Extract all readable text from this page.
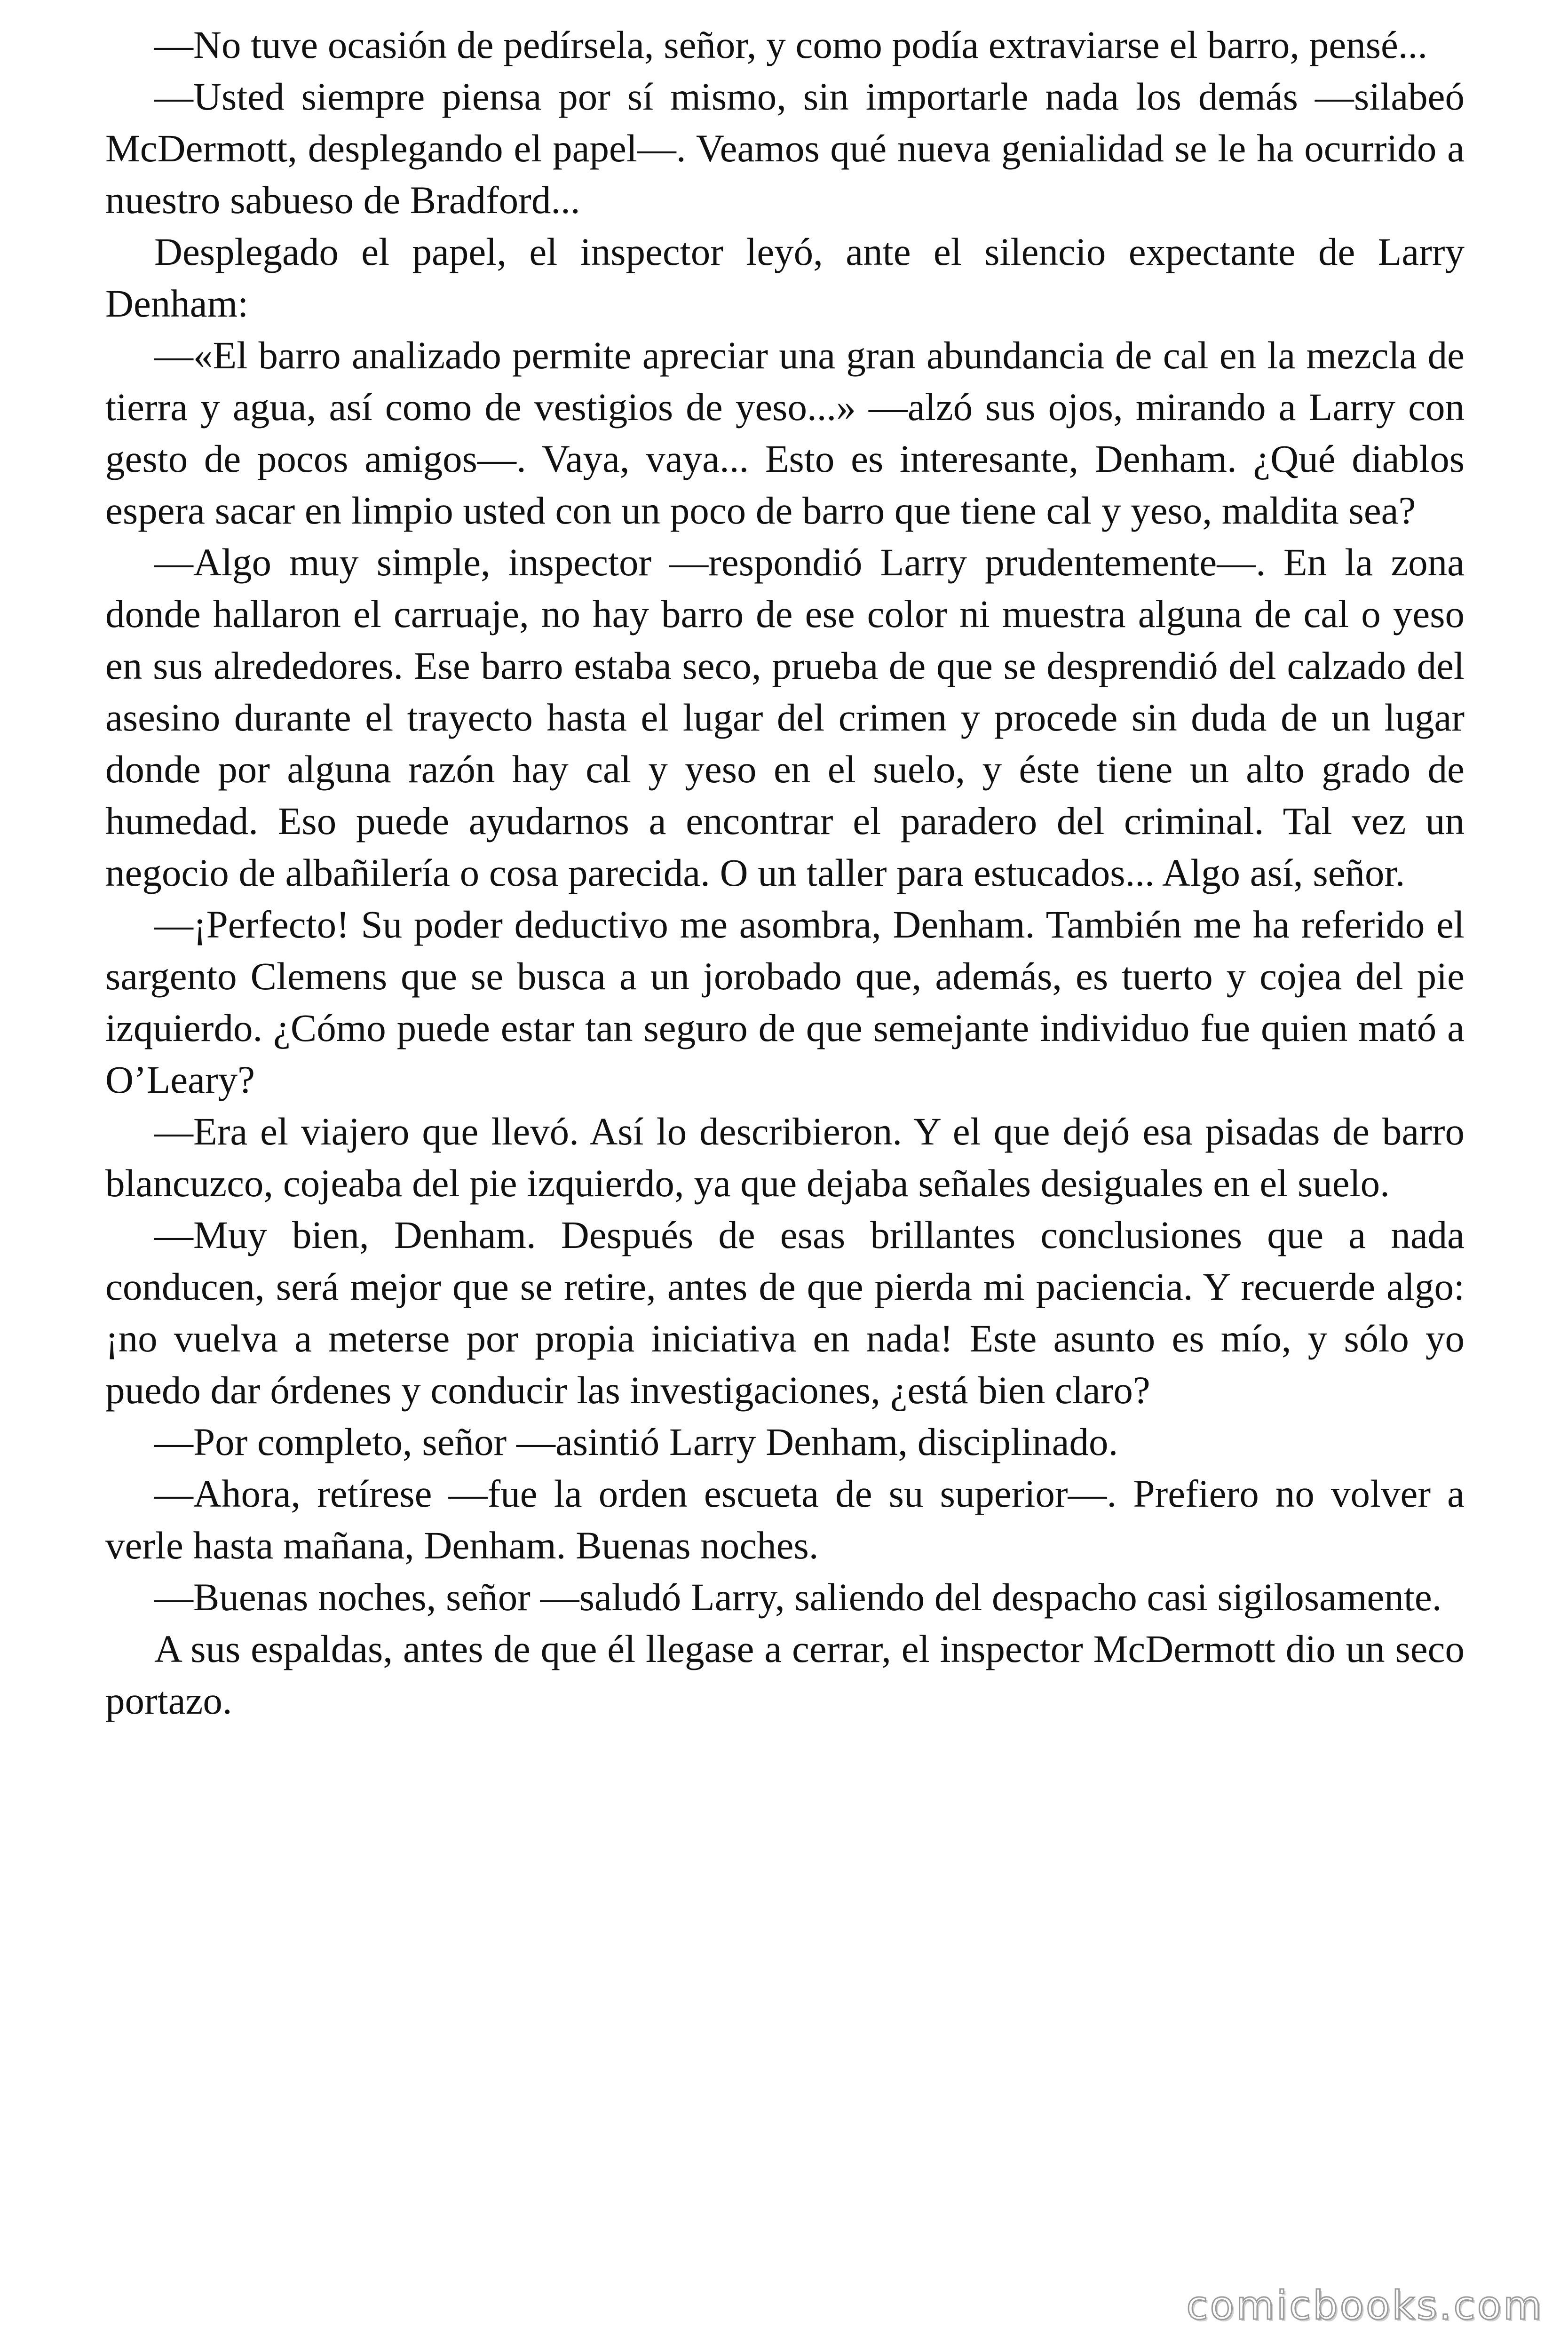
—No tuve ocasión de pedírsela, señor, y como podía extraviarse el barro, pensé...

—Usted siempre piensa por sí mismo, sin importarle nada los demás —silabeó McDermott, desplegando el papel—. Veamos qué nueva genialidad se le ha ocurrido a nuestro sabueso de Bradford...

Desplegado el papel, el inspector leyó, ante el silencio expectante de Larry Denham:

—«El barro analizado permite apreciar una gran abundancia de cal en la mezcla de tierra y agua, así como de vestigios de yeso...» —alzó sus ojos, mirando a Larry con gesto de pocos amigos—. Vaya, vaya... Esto es interesante, Denham. ¿Qué diablos espera sacar en limpio usted con un poco de barro que tiene cal y yeso, maldita sea?

—Algo muy simple, inspector —respondió Larry prudentemente—. En la zona donde hallaron el carruaje, no hay barro de ese color ni muestra alguna de cal o yeso en sus alrededores. Ese barro estaba seco, prueba de que se desprendió del calzado del asesino durante el trayecto hasta el lugar del crimen y procede sin duda de un lugar donde por alguna razón hay cal y yeso en el suelo, y éste tiene un alto grado de humedad. Eso puede ayudarnos a encontrar el paradero del criminal. Tal vez un negocio de albañilería o cosa parecida. O un taller para estucados... Algo así, señor.

—¡Perfecto! Su poder deductivo me asombra, Denham. También me ha referido el sargento Clemens que se busca a un jorobado que, además, es tuerto y cojea del pie izquierdo. ¿Cómo puede estar tan seguro de que semejante individuo fue quien mató a O’Leary?

—Era el viajero que llevó. Así lo describieron. Y el que dejó esa pisadas de barro blancuzco, cojeaba del pie izquierdo, ya que dejaba señales desiguales en el suelo.

—Muy bien, Denham. Después de esas brillantes conclusiones que a nada conducen, será mejor que se retire, antes de que pierda mi paciencia. Y recuerde algo: ¡no vuelva a meterse por propia iniciativa en nada! Este asunto es mío, y sólo yo puedo dar órdenes y conducir las investigaciones, ¿está bien claro?

—Por completo, señor —asintió Larry Denham, disciplinado.

—Ahora, retírese —fue la orden escueta de su superior—. Prefiero no volver a verle hasta mañana, Denham. Buenas noches.

—Buenas noches, señor —saludó Larry, saliendo del despacho casi sigilosamente.

A sus espaldas, antes de que él llegase a cerrar, el inspector McDermott dio un seco portazo.

comicbooks.com
